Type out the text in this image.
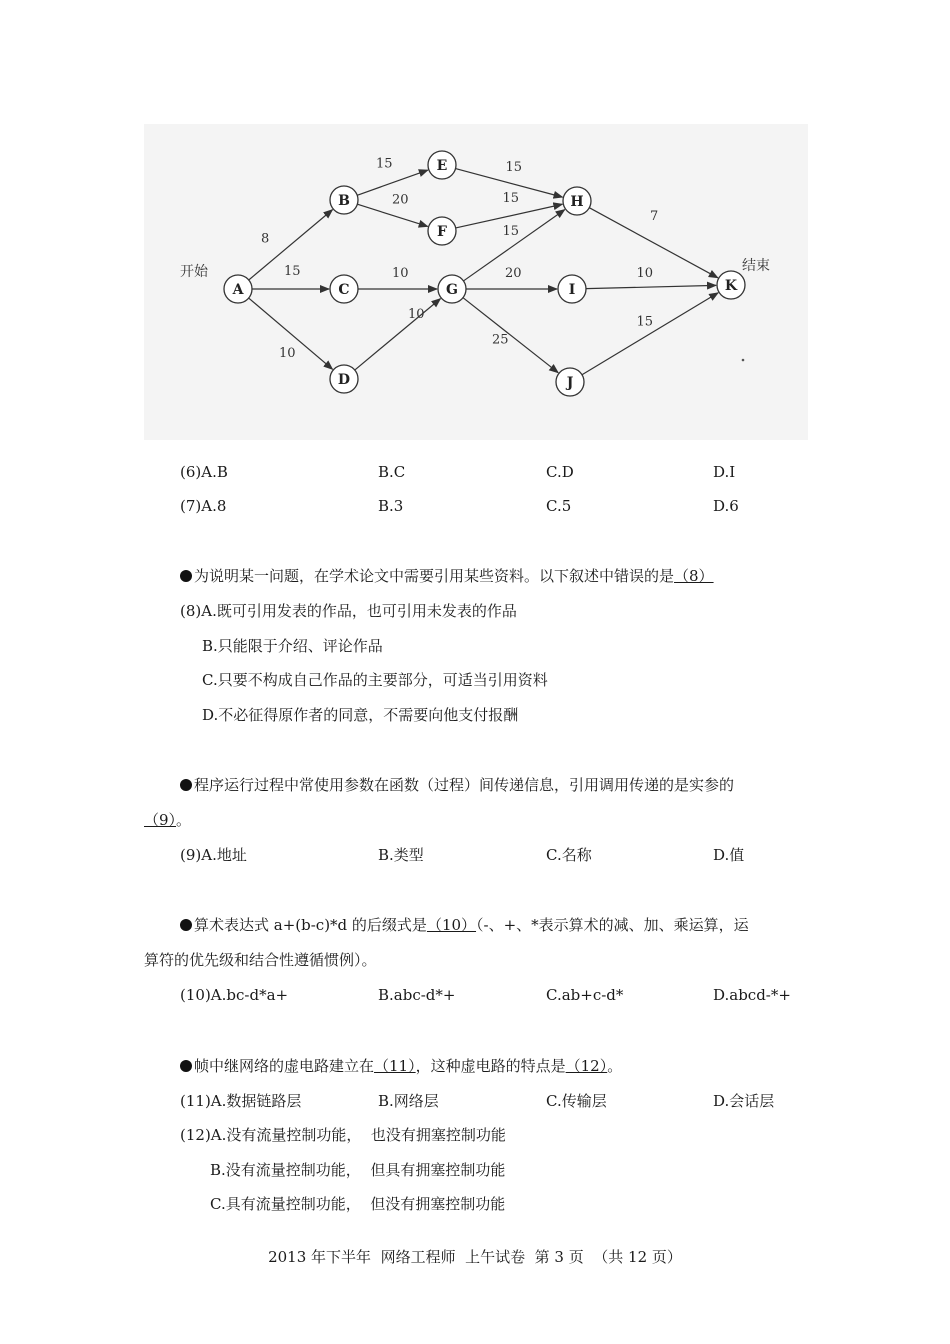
8
15
10
15
20
15
15
10
10
15
20
25
7
10
15
A
B
C
D
E
F
G
H
I
J
K
开始	结束
(6)A.B	B.C	C.D	D.I
(7)A.8	B.3	C.5	D.6
为说明某一问题，在学术论文中需要引用某些资料。以下叙述中错误的是（8）
(8)A.既可引用发表的作品，也可引用未发表的作品
B.只能限于介绍、评论作品
C.只要不构成自己作品的主要部分，可适当引用资料
D.不必征得原作者的同意，不需要向他支付报酬
程序运行过程中常使用参数在函数（过程）间传递信息，引用调用传递的是实参的
（9）。
(9)A.地址	B.类型	C.名称	D.值
算术表达式 a+(b-c)*d 的后缀式是（10）（-、+、*表示算术的减、加、乘运算，运
算符的优先级和结合性遵循惯例）。
(10)A.bc-d*a+	B.abc-d*+	C.ab+c-d*	D.abcd-*+
帧中继网络的虚电路建立在（11），这种虚电路的特点是（12）。
(11)A.数据链路层	B.网络层	C.传输层	D.会话层
(12)A.没有流量控制功能，  也没有拥塞控制功能
B.没有流量控制功能，  但具有拥塞控制功能
C.具有流量控制功能，  但没有拥塞控制功能
2013 年下半年  网络工程师  上午试卷  第 3 页  （共 12 页）
